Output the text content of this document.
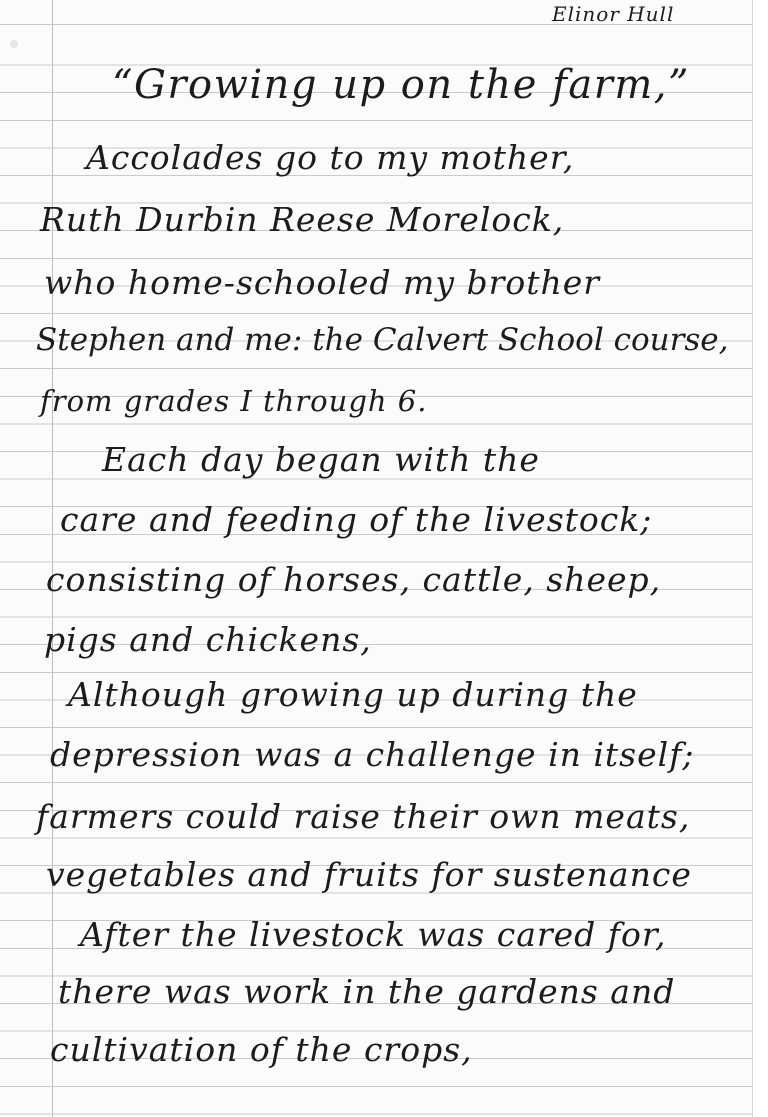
Elinor Hull
“Growing up on the farm,”
Accolades go to my mother,
Ruth Durbin Reese Morelock,
who home-schooled my brother
Stephen and me: the Calvert School course,
from grades I through 6.
Each day began with the
care and feeding of the livestock;
consisting of horses, cattle, sheep,
pigs and chickens,
Although growing up during the
depression was a challenge in itself;
farmers could raise their own meats,
vegetables and fruits for sustenance
After the livestock was cared for,
there was work in the gardens and
cultivation of the crops,
